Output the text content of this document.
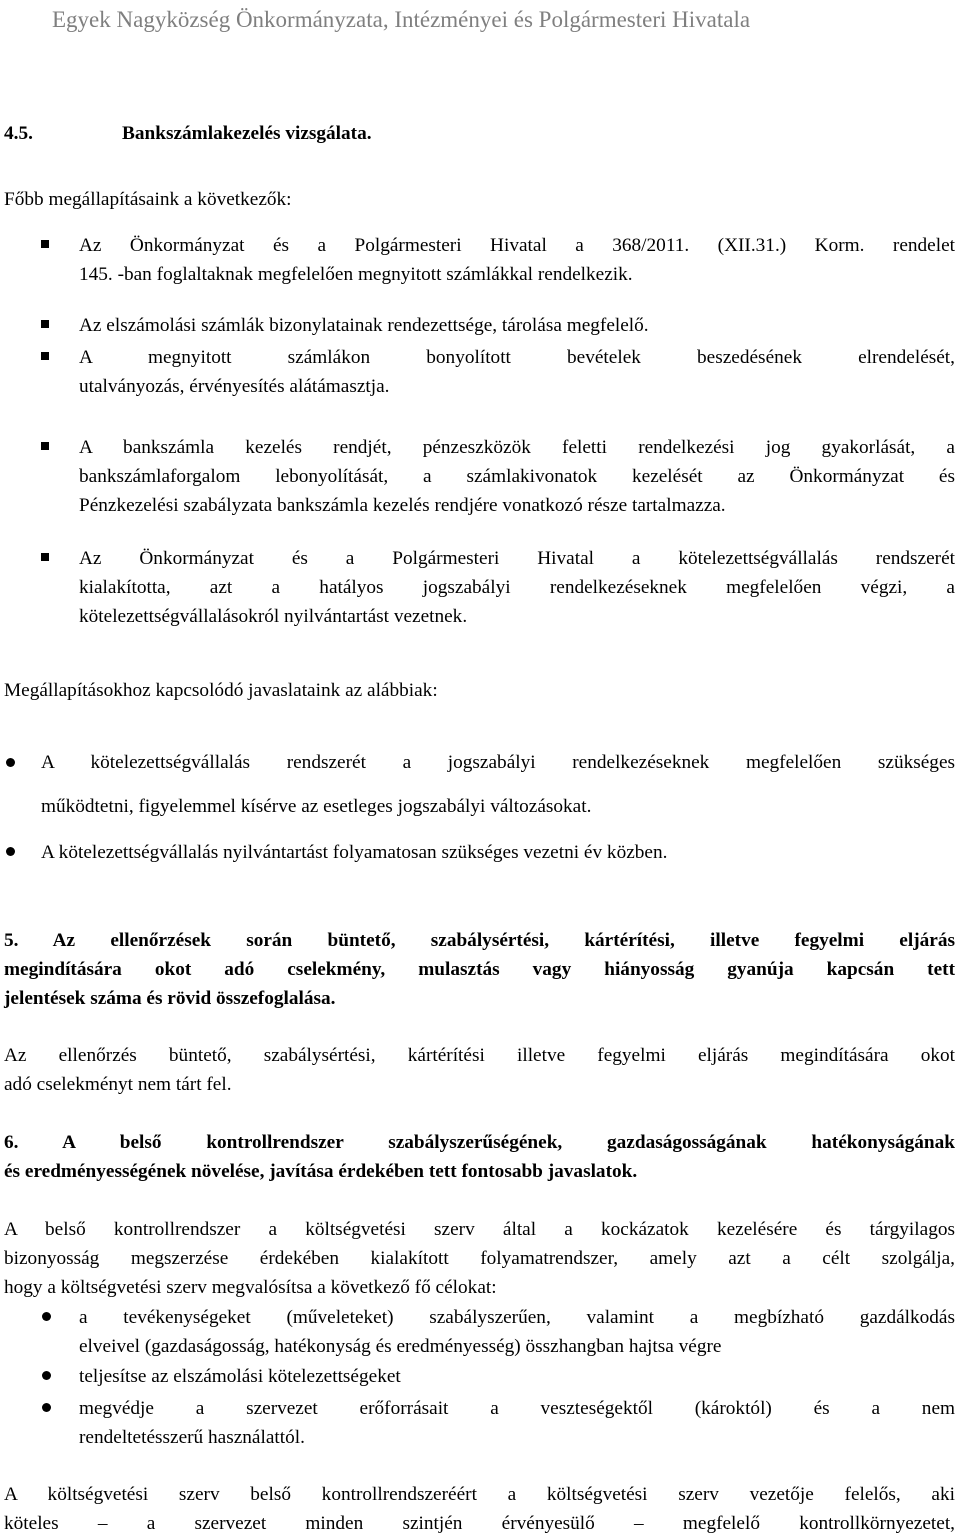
Egyek Nagyközség Önkormányzata, Intézményei és Polgármesteri Hivatala
4.5.	Bankszámlakezelés vizsgálata.
Főbb megállapításaink a következők:
Az Önkormányzat és a Polgármesteri Hivatal a 368/2011. (XII.31.) Korm. rendelet
145. -ban foglaltaknak megfelelően megnyitott számlákkal rendelkezik.
Az elszámolási számlák bizonylatainak rendezettsége, tárolása megfelelő.
A megnyitott számlákon bonyolított bevételek beszedésének elrendelését,
utalványozás, érvényesítés alátámasztja.
A bankszámla kezelés rendjét, pénzeszközök feletti rendelkezési jog gyakorlását, a
bankszámlaforgalom lebonyolítását, a számlakivonatok kezelését az Önkormányzat és
Pénzkezelési szabályzata bankszámla kezelés rendjére vonatkozó része tartalmazza.
Az Önkormányzat és a Polgármesteri Hivatal a kötelezettségvállalás rendszerét
kialakította, azt a hatályos jogszabályi rendelkezéseknek megfelelően végzi, a
kötelezettségvállalásokról nyilvántartást vezetnek.
Megállapításokhoz kapcsolódó javaslataink az alábbiak:
A kötelezettségvállalás rendszerét a jogszabályi rendelkezéseknek megfelelően szükséges
működtetni, figyelemmel kísérve az esetleges jogszabályi változásokat.
A kötelezettségvállalás nyilvántartást folyamatosan szükséges vezetni év közben.
5. Az ellenőrzések során büntető, szabálysértési, kártérítési, illetve fegyelmi eljárás
megindítására okot adó cselekmény, mulasztás vagy hiányosság gyanúja kapcsán tett
jelentések száma és rövid összefoglalása.
Az ellenőrzés büntető, szabálysértési, kártérítési illetve fegyelmi eljárás megindítására okot
adó cselekményt nem tárt fel.
6. A belső kontrollrendszer szabályszerűségének, gazdaságosságának hatékonyságának
és eredményességének növelése, javítása érdekében tett fontosabb javaslatok.
A belső kontrollrendszer a költségvetési szerv által a kockázatok kezelésére és tárgyilagos
bizonyosság megszerzése érdekében kialakított folyamatrendszer, amely azt a célt szolgálja,
hogy a költségvetési szerv megvalósítsa a következő fő célokat:
a tevékenységeket (műveleteket) szabályszerűen, valamint a megbízható gazdálkodás
elveivel (gazdaságosság, hatékonyság és eredményesség) összhangban hajtsa végre
teljesítse az elszámolási kötelezettségeket
megvédje a szervezet erőforrásait a veszteségektől (károktól) és a nem
rendeltetésszerű használattól.
A költségvetési szerv belső kontrollrendszeréért a költségvetési szerv vezetője felelős, aki
köteles – a szervezet minden szintjén érvényesülő – megfelelő kontrollkörnyezetet,
